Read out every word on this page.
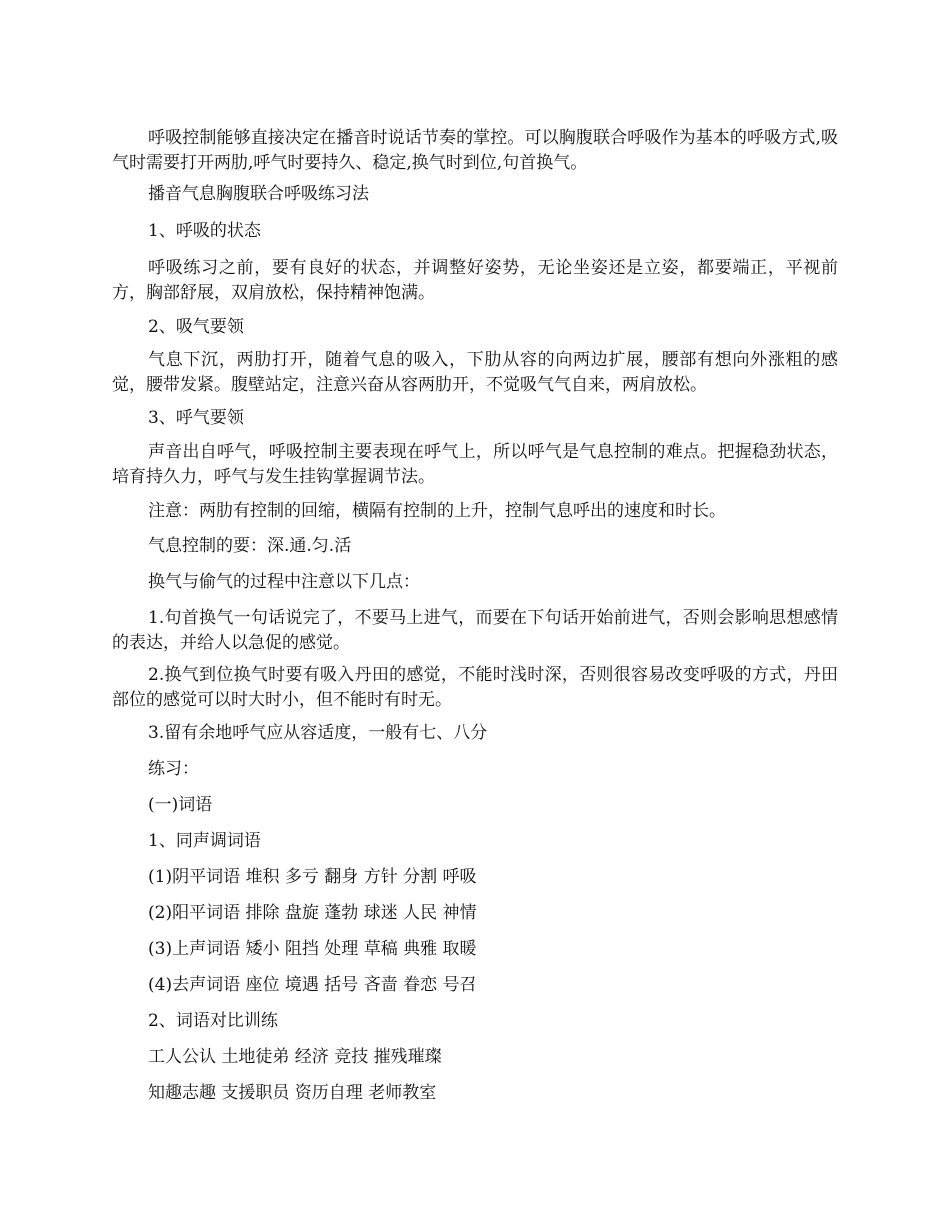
呼吸控制能够直接决定在播音时说话节奏的掌控。可以胸腹联合呼吸作为基本的呼吸方式,吸气时需要打开两肋,呼气时要持久、稳定,换气时到位,句首换气。

播音气息胸腹联合呼吸练习法

1、呼吸的状态

呼吸练习之前，要有良好的状态，并调整好姿势，无论坐姿还是立姿，都要端正，平视前方，胸部舒展，双肩放松，保持精神饱满。

2、吸气要领

气息下沉，两肋打开，随着气息的吸入，下肋从容的向两边扩展，腰部有想向外涨粗的感觉，腰带发紧。腹壁站定，注意兴奋从容两肋开，不觉吸气气自来，两肩放松。

3、呼气要领

声音出自呼气，呼吸控制主要表现在呼气上，所以呼气是气息控制的难点。把握稳劲状态，培育持久力，呼气与发生挂钩掌握调节法。

注意：两肋有控制的回缩，横隔有控制的上升，控制气息呼出的速度和时长。

气息控制的要：深.通.匀.活

换气与偷气的过程中注意以下几点：

1.句首换气一句话说完了，不要马上进气，而要在下句话开始前进气，否则会影响思想感情的表达，并给人以急促的感觉。

2.换气到位换气时要有吸入丹田的感觉，不能时浅时深，否则很容易改变呼吸的方式，丹田部位的感觉可以时大时小，但不能时有时无。

3.留有余地呼气应从容适度，一般有七、八分

练习：

(一)词语

1、同声调词语

(1)阴平词语 堆积 多亏 翻身 方针 分割 呼吸

(2)阳平词语 排除 盘旋 蓬勃 球迷 人民 神情

(3)上声词语 矮小 阻挡 处理 草稿 典雅 取暖

(4)去声词语 座位 境遇 括号 吝啬 眷恋 号召

2、词语对比训练

工人公认 土地徒弟 经济 竞技 摧残璀璨

知趣志趣 支援职员 资历自理 老师教室
